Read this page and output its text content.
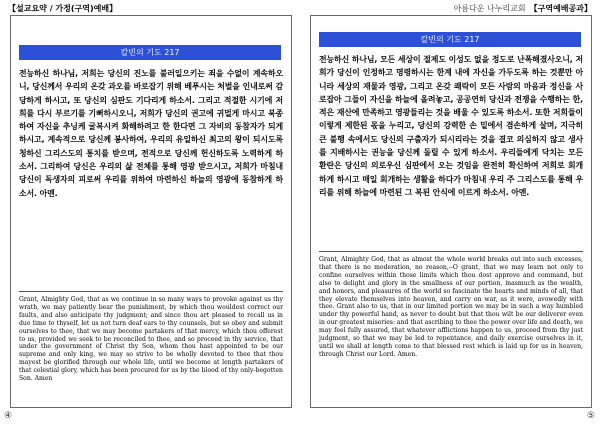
【설교요약 / 가정(구역)예배】
칼빈의 기도 217

전능하신 하나님, 저희는 당신의 진노를 불러일으키는 죄을 수없이 계속하오니, 당신께서 우리의 온갖 과오를 바로잡기 위해 베푸시는 처벌을 인내로써 감당하게 하시고, 또 당신의 심판도 기다리게 하소서. 그리고 적절한 시기에 저희를 다시 부르기를 기뻐하시오니, 저희가 당신의 권고에 귀멀게 마시고 북종하여 자신을 추닝케 굴복시켜 화해하려고 한 한다면 그 자비의 동참자가 되게 하시고, 계속적으로 당신께 봉사하여, 우리의 유일하신 최고의 왕이 되시도록 청하신 그리스도의 통치를 받으며, 전적으로 당신께 헌신하도록 노력하게 하소서. 그리하여 당신은 우리의 삶 전체를 통해 영광 받으시고, 저희가 마침내 당신이 독생자의 피로써 우리를 위하여 마련하신 하늘의 영광에 동참하게 하소서. 아멘.

Grant, Almighty God, that as we continue in so many ways to provoke against us thy wrath, we may patiently bear the punishment, by which thou wouldest correct our faults, and also anticipate thy judgment; and since thou art pleased to recall us in due time to thyself, let us not turn deaf ears to thy counsels, but so obey and submit ourselves to thee, that we may become partakers of that mercy, which thou offerest to us, provided we seek to be reconciled to thee, and so proceed in thy service, that under the government of Christ thy Son, whom thou hast appointed to be our supreme and only king, we may so strive to be wholly devoted to thee that thou mayest be glorified through our whole life, until we become at length partakers of that celestial glory, which has been procured for us by the blood of thy only-begotten Son. Amen

④
아름다운 나누리교회 【구역예배공과】
칼빈의 기도 217

전능하신 하나님, 모든 세상이 절제도 이성도 없을 정도로 난폭해졌사오니, 저희가 당신이 인정하고 명령하시는 한계 내에 자신을 가두도록 하는 것뿐만 아니라 세상의 재물과 영광, 그리고 온갖 쾌락이 모든 사람의 마음과 정신을 사로잡아 그들이 자신을 하늘에 올려놓고, 공공연히 당신과 전쟁을 수행하는 한, 적은 재산에 만족하고 영광들리는 것을 배울 수 있도록 하소서. 또한 저희들이 이렇게 제한된 몫을 누리고, 당신의 강력한 손 밑에서 겸손하게 살며, 지극히 큰 불행 속에서도 당신의 구출자가 되시리라는 것을 결코 의심하지 않고 생사를 지배하시는 권능을 당신께 돌릴 수 있게 하소서. 우리들에게 닥치는 모든 환란은 당신의 의로우신 심판에서 오는 것임을 완전히 확신하여 저희로 회개하게 하시고 매일 회개하는 생활을 하다가 마침내 우리 주 그리스도를 통해 우리를 위해 하늘에 마련된 그 복된 안식에 이르게 하소서. 아멘.

Grant, Almighty God, that as almost the whole world breaks out into such excesses, that there is no moderation, no reason,--O grant, that we may learn not only to confine ourselves within those limits which thou dost approve and command, but also to delight and glory in the smallness of our portion, inasmuch as the wealth, and honors, and pleasures of the world so fascinate the hearts and minds of all, that they elevate themselves into heaven, and carry on war, as it were, avowedly with thee. Grant also to us, that in our limited portion we may be in such a way humbled under thy powerful hand, as never to doubt but that thou wilt be our deliverer even in our greatest miseries: and that ascribing to thee the power over life and death, we may feel fully assured, that whatever afflictions happen to us, proceed from thy just judgment, so that we may be led to repentance, and daily exercise ourselves in it, until we shall at length come to that blessed rest which is laid up for us in heaven, through Christ our Lord. Amen.

⑤
